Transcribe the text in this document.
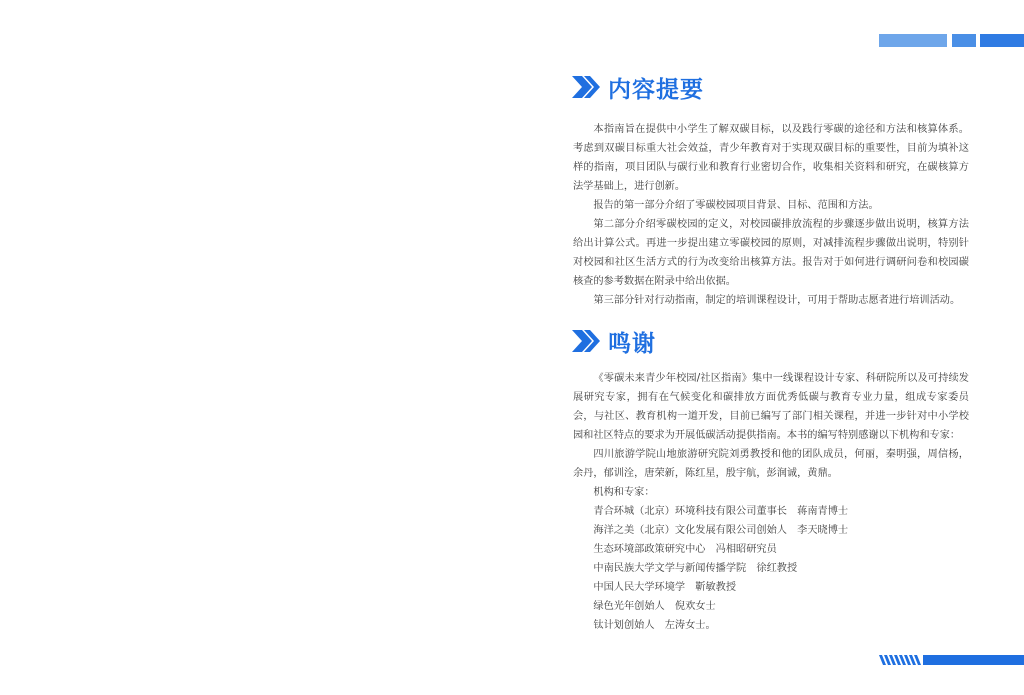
内容提要

本指南旨在提供中小学生了解双碳目标，以及践行零碳的途径和方法和核算体系。考虑到双碳目标重大社会效益，青少年教育对于实现双碳目标的重要性，目前为填补这样的指南，项目团队与碳行业和教育行业密切合作，收集相关资料和研究，在碳核算方法学基础上，进行创新。

报告的第一部分介绍了零碳校园项目背景、目标、范围和方法。

第二部分介绍零碳校园的定义，对校园碳排放流程的步骤逐步做出说明，核算方法给出计算公式。再进一步提出建立零碳校园的原则，对减排流程步骤做出说明，特别针对校园和社区生活方式的行为改变给出核算方法。报告对于如何进行调研问卷和校园碳核查的参考数据在附录中给出依据。

第三部分针对行动指南，制定的培训课程设计，可用于帮助志愿者进行培训活动。

鸣谢

《零碳未来青少年校园/社区指南》集中一线课程设计专家、科研院所以及可持续发展研究专家，拥有在气候变化和碳排放方面优秀低碳与教育专业力量，组成专家委员会，与社区、教育机构一道开发，目前已编写了部门相关课程，并进一步针对中小学校园和社区特点的要求为开展低碳活动提供指南。本书的编写特别感谢以下机构和专家：

四川旅游学院山地旅游研究院刘勇教授和他的团队成员，何丽，秦明强，周信杨，余丹，郁训洤，唐荣新，陈红星，殷宇航，彭润诚，黄鼎。

机构和专家：
青合环城（北京）环境科技有限公司董事长　蒋南青博士
海洋之美（北京）文化发展有限公司创始人　李天晓博士
生态环境部政策研究中心　冯相昭研究员
中南民族大学文学与新闻传播学院　徐红教授
中国人民大学环境学　靳敏教授
绿色光年创始人　倪欢女士
钛计划创始人　左涛女士。
